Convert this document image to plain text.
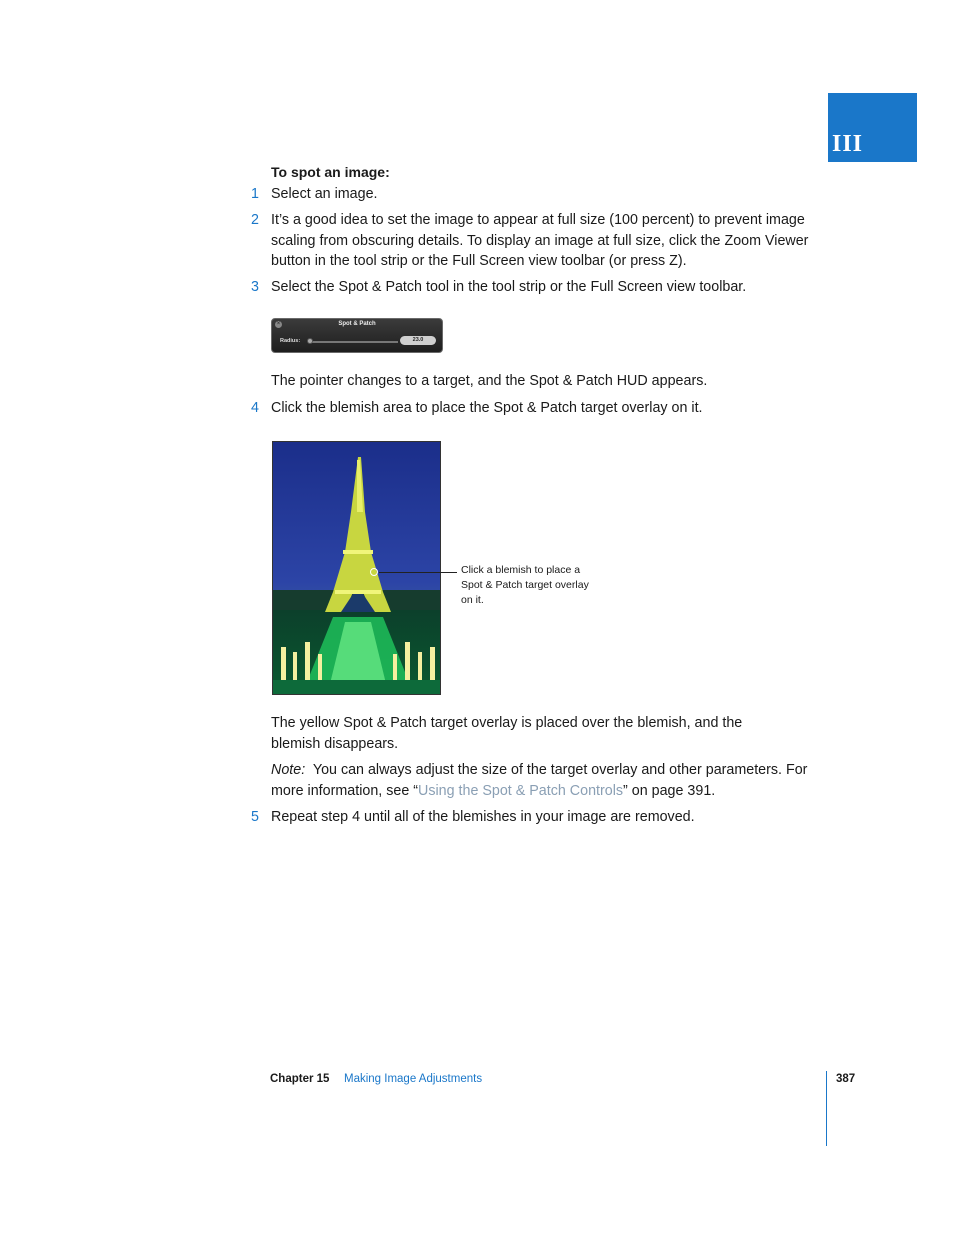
III
To spot an image:
1 Select an image.
2 It’s a good idea to set the image to appear at full size (100 percent) to prevent image scaling from obscuring details. To display an image at full size, click the Zoom Viewer button in the tool strip or the Full Screen view toolbar (or press Z).
3 Select the Spot & Patch tool in the tool strip or the Full Screen view toolbar.
×	Spot & Patch
Radius:	23.0
The pointer changes to a target, and the Spot & Patch HUD appears.
4 Click the blemish area to place the Spot & Patch target overlay on it.
Click a blemish to place a Spot & Patch target overlay on it.
The yellow Spot & Patch target overlay is placed over the blemish, and the blemish disappears.
Note: You can always adjust the size of the target overlay and other parameters. For more information, see “Using the Spot & Patch Controls” on page 391.
5 Repeat step 4 until all of the blemishes in your image are removed.
Chapter 15 Making Image Adjustments	387
